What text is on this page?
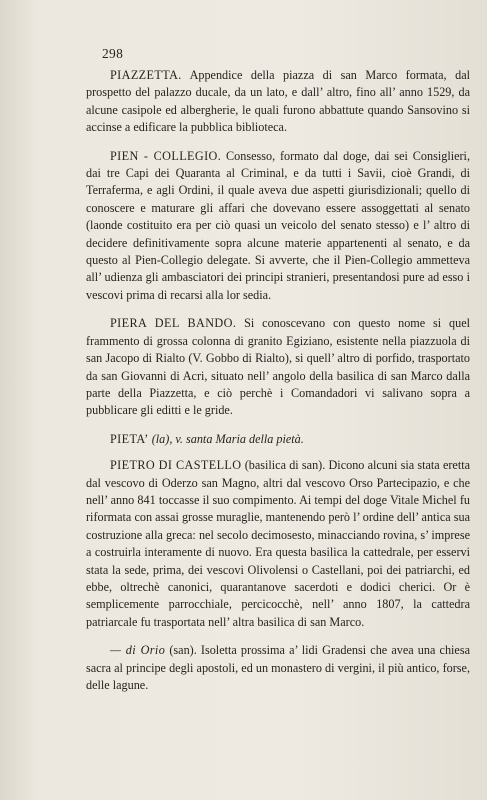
298

PIAZZETTA. Appendice della piazza di san Marco formata, dal prospetto del palazzo ducale, da un lato, e dall’ altro, fino all’ anno 1529, da alcune casipole ed albergherie, le quali furono abbattute quando Sansovino si accinse a edificare la pubblica biblioteca.

PIEN - COLLEGIO. Consesso, formato dal doge, dai sei Consiglieri, dai tre Capi dei Quaranta al Criminal, e da tutti i Savii, cioè Grandi, di Terraferma, e agli Ordini, il quale aveva due aspetti giurisdizionali; quello di conoscere e maturare gli affari che dovevano essere assoggettati al senato (laonde costituito era per ciò quasi un veicolo del senato stesso) e l’ altro di decidere definitivamente sopra alcune materie appartenenti al senato, e da questo al Pien-Collegio delegate. Si avverte, che il Pien-Collegio ammetteva all’ udienza gli ambasciatori dei principi stranieri, presentandosi pure ad esso i vescovi prima di recarsi alla lor sedia.

PIERA DEL BANDO. Si conoscevano con questo nome si quel frammento di grossa colonna di granito Egiziano, esistente nella piazzuola di san Jacopo di Rialto (V. Gobbo di Rialto), si quell’ altro di porfido, trasportato da san Giovanni di Acri, situato nell’ angolo della basilica di san Marco dalla parte della Piazzetta, e ciò perchè i Comandadori vi salivano sopra a pubblicare gli editti e le gride.

PIETA’ (la), v. santa Maria della pietà.

PIETRO DI CASTELLO (basilica di san). Dicono alcuni sia stata eretta dal vescovo di Oderzo san Magno, altri dal vescovo Orso Partecipazio, e che nell’ anno 841 toccasse il suo compimento. Ai tempi del doge Vitale Michel fu riformata con assai grosse muraglie, mantenendo però l’ ordine dell’ antica sua costruzione alla greca: nel secolo decimosesto, minacciando rovina, s’ imprese a costruirla interamente di nuovo. Era questa basilica la cattedrale, per esservi stata la sede, prima, dei vescovi Olivolensi o Castellani, poi dei patriarchi, ed ebbe, oltrechè canonici, quarantanove sacerdoti e dodici cherici. Or è semplicemente parrocchiale, percicocchè, nell’ anno 1807, la cattedra patriarcale fu trasportata nell’ altra basilica di san Marco.

— di Orio (san). Isoletta prossima a’ lidi Gradensi che avea una chiesa sacra al principe degli apostoli, ed un monastero di vergini, il più antico, forse, delle lagune.
